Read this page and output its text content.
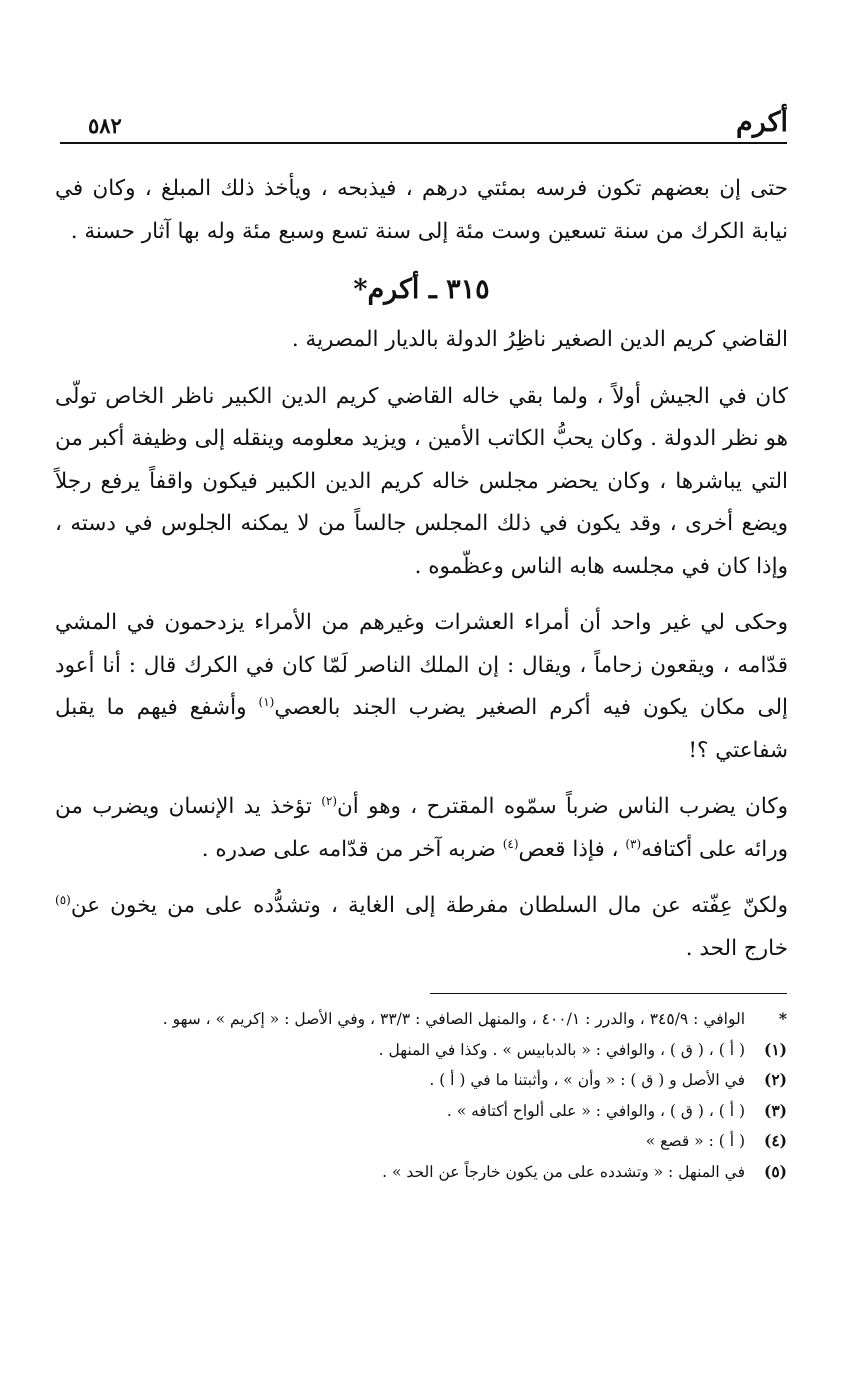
أكرم
٥٨٢

حتى إن بعضهم تكون فرسه بمئتي درهم ، فيذبحه ، ويأخذ ذلك المبلغ ، وكان في نيابة الكرك من سنة تسعين وست مئة إلى سنة تسع وسبع مئة وله بها آثار حسنة .

٣١٥ ـ أكرم*

القاضي كريم الدين الصغير ناظِرُ الدولة بالديار المصرية .

كان في الجيش أولاً ، ولما بقي خاله القاضي كريم الدين الكبير ناظر الخاص تولّى هو نظر الدولة . وكان يحبُّ الكاتب الأمين ، ويزيد معلومه وينقله إلى وظيفة أكبر من التي يباشرها ، وكان يحضر مجلس خاله كريم الدين الكبير فيكون واقفاً يرفع رجلاً ويضع أخرى ، وقد يكون في ذلك المجلس جالساً من لا يمكنه الجلوس في دسته ، وإذا كان في مجلسه هابه الناس وعظّموه .

وحكى لي غير واحد أن أمراء العشرات وغيرهم من الأمراء يزدحمون في المشي قدّامه ، ويقعون زحاماً ، ويقال : إن الملك الناصر لَمّا كان في الكرك قال : أنا أعود إلى مكان يكون فيه أكرم الصغير يضرب الجند بالعصي$^{(١)}$ وأشفع فيهم ما يقبل شفاعتي ؟!

وكان يضرب الناس ضرباً سمّوه المقترح ، وهو أن$^{(٢)}$ تؤخذ يد الإنسان ويضرب من ورائه على أكتافه$^{(٣)}$ ، فإذا قعص$^{(٤)}$ ضربه آخر من قدّامه على صدره .

ولكنّ عِفّته عن مال السلطان مفرطة إلى الغاية ، وتشدُّده على من يخون عن$^{(٥)}$ خارج الحد .

*
الوافي : ٣٤٥/٩ ، والدرر : ٤٠٠/١ ، والمنهل الصافي : ٣٣/٣ ، وفي الأصل : « إكريم » ، سهو .
(١)
( أ ) ، ( ق ) ، والوافي : « بالدبابيس » . وكذا في المنهل .
(٢)
في الأصل و ( ق ) : « وأن » ، وأثبتنا ما في ( أ ) .
(٣)
( أ ) ، ( ق ) ، والوافي : « على ألواح أكتافه » .
(٤)
( أ ) : « قصع »
(٥)
في المنهل : « وتشدده على من يكون خارجاً عن الحد » .
